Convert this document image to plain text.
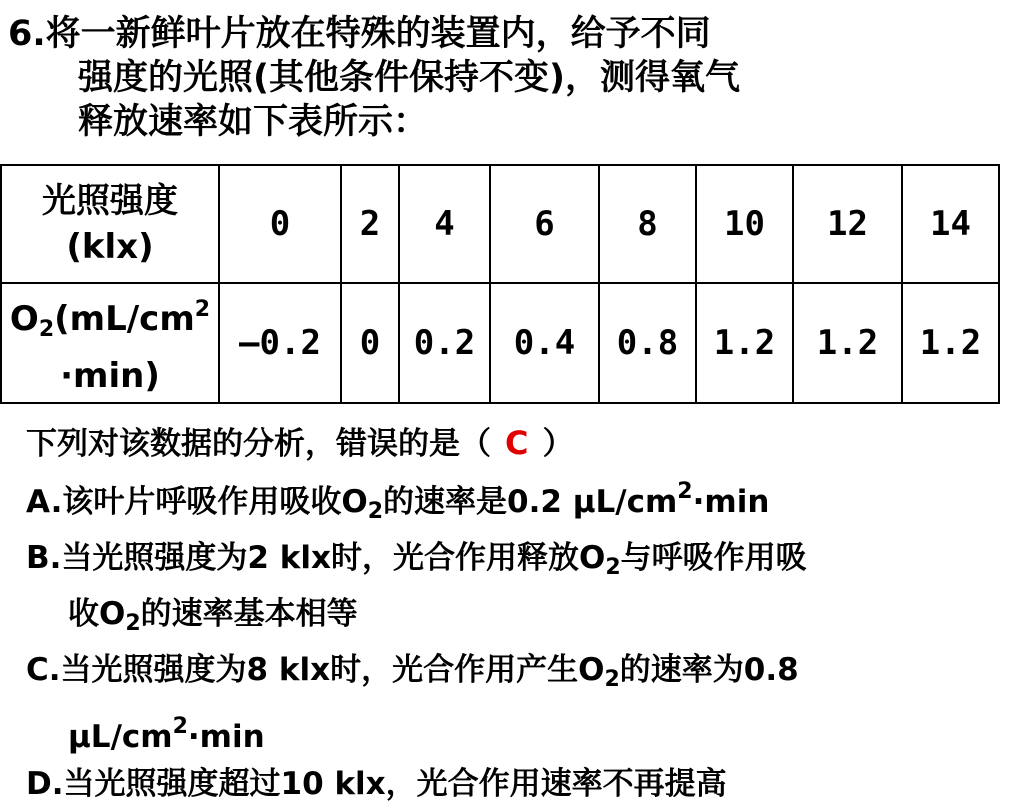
6.将一新鲜叶片放在特殊的装置内，给予不同
强度的光照(其他条件保持不变)，测得氧气
释放速率如下表所示：
光照强度
(klx)	0	2	4	6	8	10	12	14

$O_2(mL/cm^2$
·min)	—0.2	0	0.2	0.4	0.8	1.2	1.2	1.2
下列对该数据的分析，错误的是（ C ）
A.该叶片呼吸作用吸收$O_2$的速率是0.2 $\mu L/cm^2\cdot\min$
B.当光照强度为2 klx时，光合作用释放$O_2$与呼吸作用吸
收$O_2$的速率基本相等
C.当光照强度为8 klx时，光合作用产生$O_2$的速率为0.8
$\mu L/cm^2\cdot\min$
D.当光照强度超过10 klx，光合作用速率不再提高
